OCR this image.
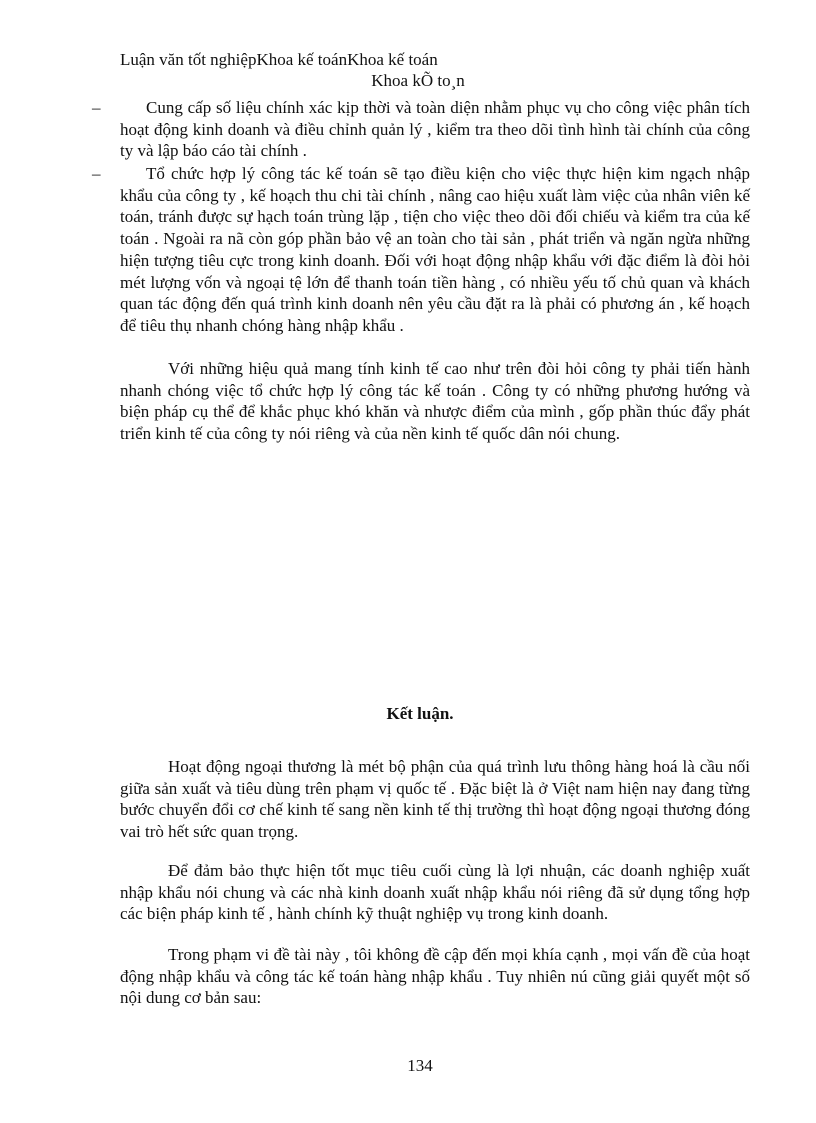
Luận văn tốt nghiệpKhoa kế toánKhoa kế toán
Khoa kÕ to¸n
–	Cung cấp số liệu chính xác kịp thời và toàn diện nhằm phục vụ cho công việc phân tích hoạt động kinh doanh và điều chỉnh quản lý , kiểm tra theo dõi tình hình tài chính của công ty và lập báo cáo tài chính .

–	Tổ chức hợp lý công tác kế toán sẽ tạo điều kiện cho việc thực hiện kim ngạch nhập khẩu của công ty , kế hoạch thu chi tài chính , nâng cao hiệu xuất làm việc của nhân viên kế toán, tránh được sự hạch toán trùng lặp , tiện cho việc theo dõi đối chiếu và kiểm tra của kế toán . Ngoài ra nã còn góp phần bảo vệ an toàn cho tài sản , phát triển và ngăn ngừa những hiện tượng tiêu cực trong kinh doanh. Đối với hoạt động nhập khẩu với đặc điểm là đòi hỏi mét lượng vốn và ngoại tệ lớn để thanh toán tiền hàng , có nhiều yếu tố chủ quan và khách quan tác động đến quá trình kinh doanh nên yêu cầu đặt ra là phải có phương án , kế hoạch để tiêu thụ nhanh chóng hàng nhập khẩu .

Với những hiệu quả mang tính kinh tế cao như trên đòi hỏi công ty phải tiến hành nhanh chóng việc tổ chức hợp lý công tác kế toán . Công ty có những phương hướng và biện pháp cụ thể để khắc phục khó khăn và nhược điểm của mình , gốp phần thúc đẩy phát triển kinh tế của công ty nói riêng và của nền kinh tế quốc dân nói chung.

Kết luận.

Hoạt động ngoại thương là mét bộ phận của quá trình lưu thông hàng hoá là cầu nối giữa sản xuất và tiêu dùng trên phạm vị quốc tế . Đặc biệt là ở Việt nam hiện nay đang từng bước chuyển đổi cơ chế kinh tế sang nền kinh tế thị trường thì hoạt động ngoại thương đóng vai trò hết sức quan trọng.

Để đảm bảo thực hiện tốt mục tiêu cuối cùng là lợi nhuận, các doanh nghiệp xuất nhập khẩu nói chung và các nhà kinh doanh xuất nhập khẩu nói riêng đã sử dụng tổng hợp các biện pháp kinh tế , hành chính kỹ thuật nghiệp vụ trong kinh doanh.

Trong phạm vi đề tài này , tôi không đề cập đến mọi khía cạnh , mọi vấn đề của hoạt động nhập khẩu và công tác kế toán hàng nhập khẩu . Tuy nhiên nú cũng giải quyết một số nội dung cơ bản sau:

134
